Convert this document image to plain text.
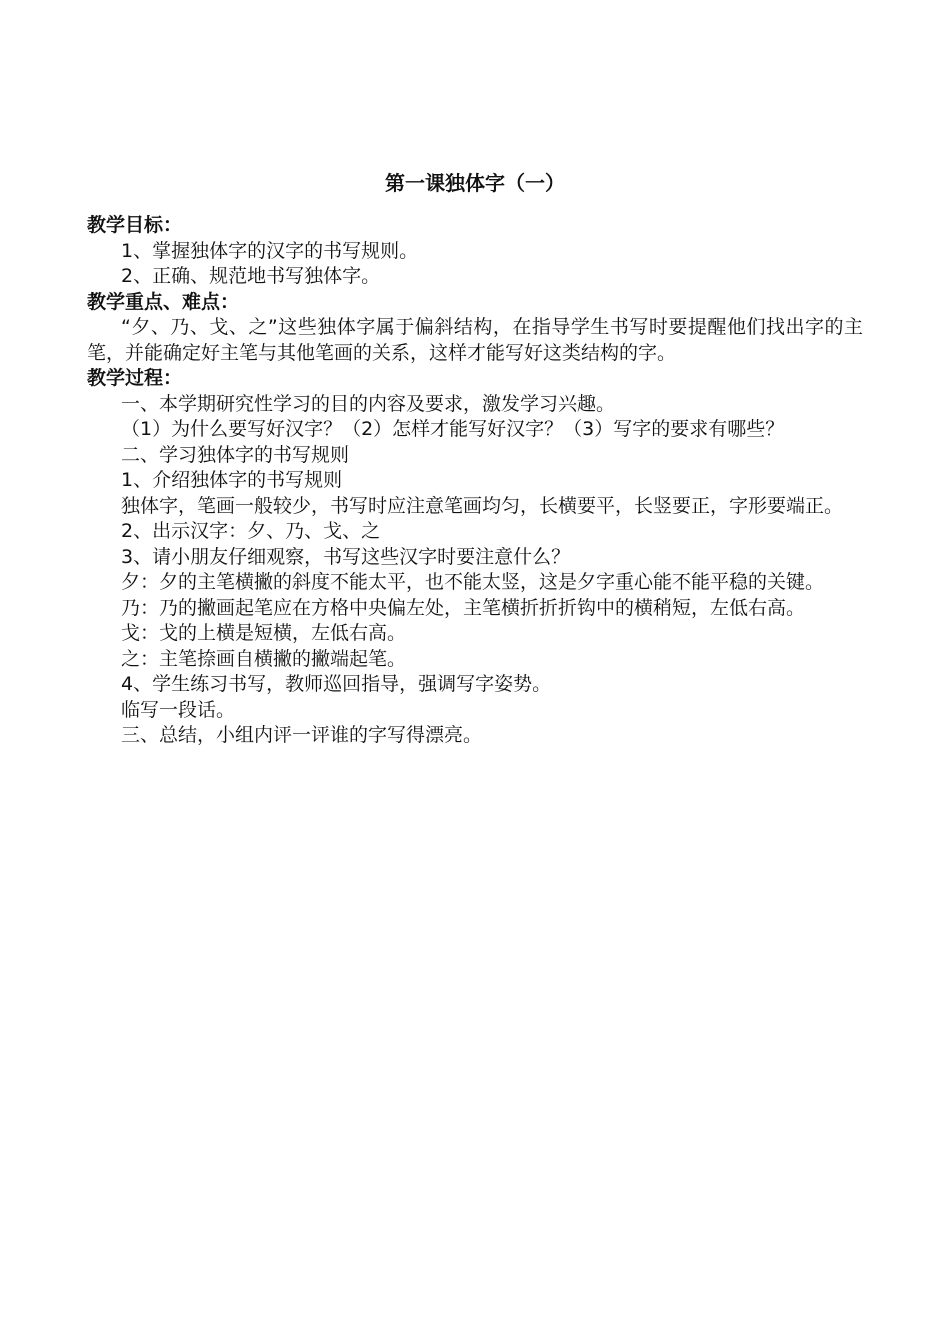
第一课独体字（一）
教学目标：
1、掌握独体字的汉字的书写规则。
2、正确、规范地书写独体字。
教学重点、难点：
“夕、乃、戈、之”这些独体字属于偏斜结构，在指导学生书写时要提醒他们找出字的主笔，并能确定好主笔与其他笔画的关系，这样才能写好这类结构的字。
教学过程：
一、本学期研究性学习的目的内容及要求，激发学习兴趣。
（1）为什么要写好汉字？（2）怎样才能写好汉字？（3）写字的要求有哪些？
二、学习独体字的书写规则
1、介绍独体字的书写规则
独体字，笔画一般较少，书写时应注意笔画均匀，长横要平，长竖要正，字形要端正。
2、出示汉字：夕、乃、戈、之
3、请小朋友仔细观察，书写这些汉字时要注意什么？
夕：夕的主笔横撇的斜度不能太平，也不能太竖，这是夕字重心能不能平稳的关键。
乃：乃的撇画起笔应在方格中央偏左处，主笔横折折折钩中的横稍短，左低右高。
戈：戈的上横是短横，左低右高。
之：主笔捺画自横撇的撇端起笔。
4、学生练习书写，教师巡回指导，强调写字姿势。
临写一段话。
三、总结，小组内评一评谁的字写得漂亮。
